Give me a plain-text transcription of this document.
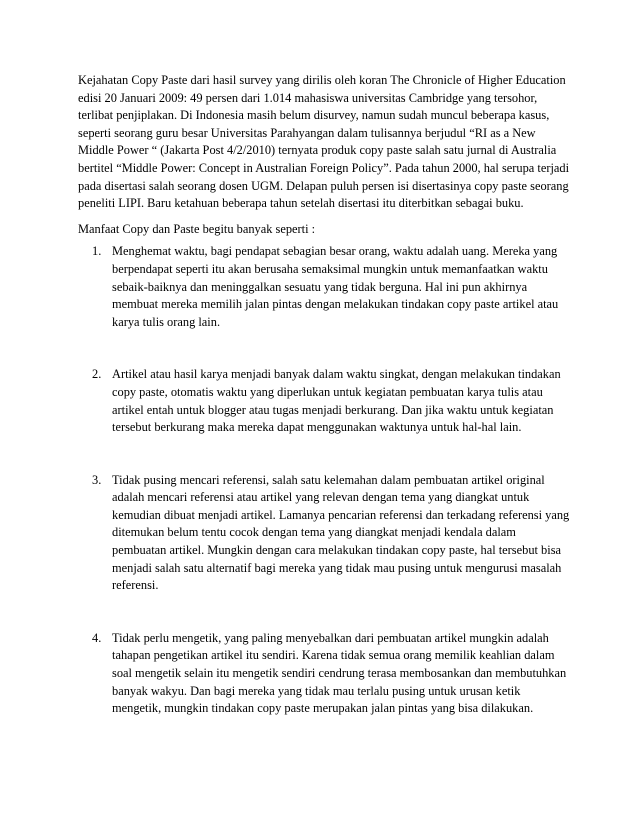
Kejahatan Copy Paste dari hasil survey yang dirilis oleh koran The Chronicle of Higher Education edisi 20 Januari 2009: 49 persen dari 1.014 mahasiswa universitas Cambridge yang tersohor, terlibat penjiplakan. Di Indonesia masih belum disurvey, namun sudah muncul beberapa kasus, seperti seorang guru besar Universitas Parahyangan dalam tulisannya berjudul “RI as a New Middle Power “ (Jakarta Post 4/2/2010) ternyata produk copy paste salah satu jurnal di Australia bertitel “Middle Power: Concept in Australian Foreign Policy”. Pada tahun 2000, hal serupa terjadi pada disertasi salah seorang dosen UGM. Delapan puluh persen isi disertasinya copy paste seorang peneliti LIPI. Baru ketahuan beberapa tahun setelah disertasi itu diterbitkan sebagai buku.

Manfaat Copy dan Paste begitu banyak seperti :

1. Menghemat waktu, bagi pendapat sebagian besar orang, waktu adalah uang. Mereka yang berpendapat seperti itu akan berusaha semaksimal mungkin untuk memanfaatkan waktu sebaik-baiknya dan meninggalkan sesuatu yang tidak berguna. Hal ini pun akhirnya membuat mereka memilih jalan pintas dengan melakukan tindakan copy paste artikel atau karya tulis orang lain.

2. Artikel atau hasil karya menjadi banyak dalam waktu singkat, dengan melakukan tindakan copy paste, otomatis waktu yang diperlukan untuk kegiatan pembuatan karya tulis atau artikel entah untuk blogger atau tugas menjadi berkurang. Dan jika waktu untuk kegiatan tersebut berkurang maka mereka dapat menggunakan waktunya untuk hal-hal lain.

3. Tidak pusing mencari referensi, salah satu kelemahan dalam pembuatan artikel original adalah mencari referensi atau artikel yang relevan dengan tema yang diangkat untuk kemudian dibuat menjadi artikel. Lamanya pencarian referensi dan terkadang referensi yang ditemukan belum tentu cocok dengan tema yang diangkat menjadi kendala dalam pembuatan artikel. Mungkin dengan cara melakukan tindakan copy paste, hal tersebut bisa menjadi salah satu alternatif bagi mereka yang tidak mau pusing untuk mengurusi masalah referensi.

4. Tidak perlu mengetik, yang paling menyebalkan dari pembuatan artikel mungkin adalah tahapan pengetikan artikel itu sendiri. Karena tidak semua orang memilik keahlian dalam soal mengetik selain itu mengetik sendiri cendrung terasa membosankan dan membutuhkan banyak wakyu. Dan bagi mereka yang tidak mau terlalu pusing untuk urusan ketik mengetik, mungkin tindakan copy paste merupakan jalan pintas yang bisa dilakukan.
